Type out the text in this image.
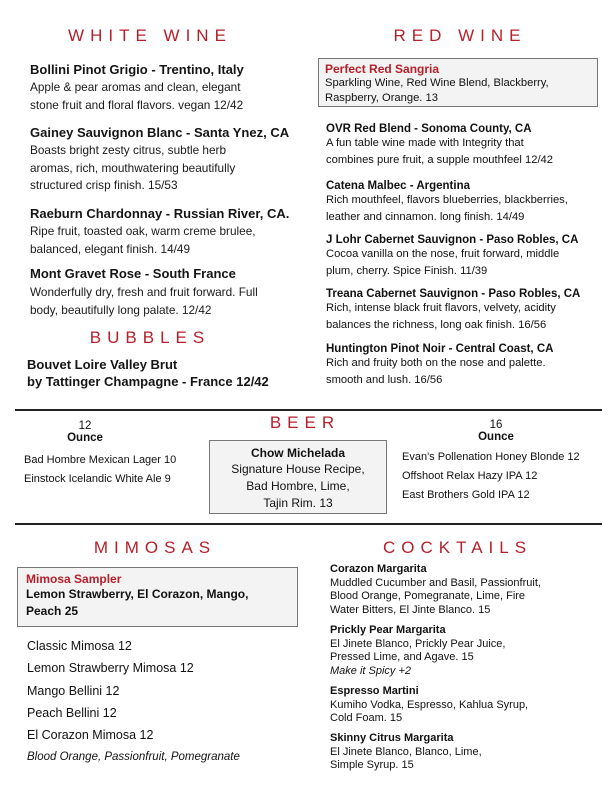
WHITE WINE
Bollini Pinot Grigio - Trentino, Italy
Apple & pear aromas and clean, elegant
stone fruit and floral flavors. vegan 12/42
Gainey Sauvignon Blanc - Santa Ynez, CA
Boasts bright zesty citrus, subtle herb
aromas, rich, mouthwatering beautifully
structured crisp finish. 15/53
Raeburn Chardonnay - Russian River, CA.
Ripe fruit, toasted oak, warm creme brulee,
balanced, elegant finish. 14/49
Mont Gravet Rose - South France
Wonderfully dry, fresh and fruit forward. Full
body, beautifully long palate. 12/42
BUBBLES
Bouvet Loire Valley Brut
by Tattinger Champagne - France 12/42
RED WINE
Perfect Red Sangria
Sparkling Wine, Red Wine Blend, Blackberry,
Raspberry, Orange. 13
OVR Red Blend - Sonoma County, CA
A fun table wine made with Integrity that
combines pure fruit, a supple mouthfeel 12/42
Catena Malbec - Argentina
Rich mouthfeel, flavors blueberries, blackberries,
leather and cinnamon. long finish. 14/49
J Lohr Cabernet Sauvignon - Paso Robles, CA
Cocoa vanilla on the nose, fruit forward, middle
plum, cherry. Spice Finish. 11/39
Treana Cabernet Sauvignon - Paso Robles, CA
Rich, intense black fruit flavors, velvety, acidity
balances the richness, long oak finish. 16/56
Huntington Pinot Noir - Central Coast, CA
Rich and fruity both on the nose and palette.
smooth and lush. 16/56
12
Ounce
Bad Hombre Mexican Lager 10
Einstock Icelandic White Ale 9
BEER
Chow Michelada
Signature House Recipe,
Bad Hombre, Lime,
Tajin Rim. 13
16
Ounce
Evan's Pollenation Honey Blonde 12
Offshoot Relax Hazy IPA 12
East Brothers Gold IPA 12
MIMOSAS
Mimosa Sampler
Lemon Strawberry, El Corazon, Mango,
Peach 25
Classic Mimosa 12
Lemon Strawberry Mimosa 12
Mango Bellini 12
Peach Bellini 12
El Corazon Mimosa 12
Blood Orange, Passionfruit, Pomegranate
COCKTAILS
Corazon Margarita
Muddled Cucumber and Basil, Passionfruit,
Blood Orange, Pomegranate, Lime, Fire
Water Bitters, El Jinte Blanco. 15
Prickly Pear Margarita
El Jinete Blanco, Prickly Pear Juice,
Pressed Lime, and Agave. 15
Make it Spicy +2
Espresso Martini
Kumiho Vodka, Espresso, Kahlua Syrup,
Cold Foam. 15
Skinny Citrus Margarita
El Jinete Blanco, Blanco, Lime,
Simple Syrup. 15
